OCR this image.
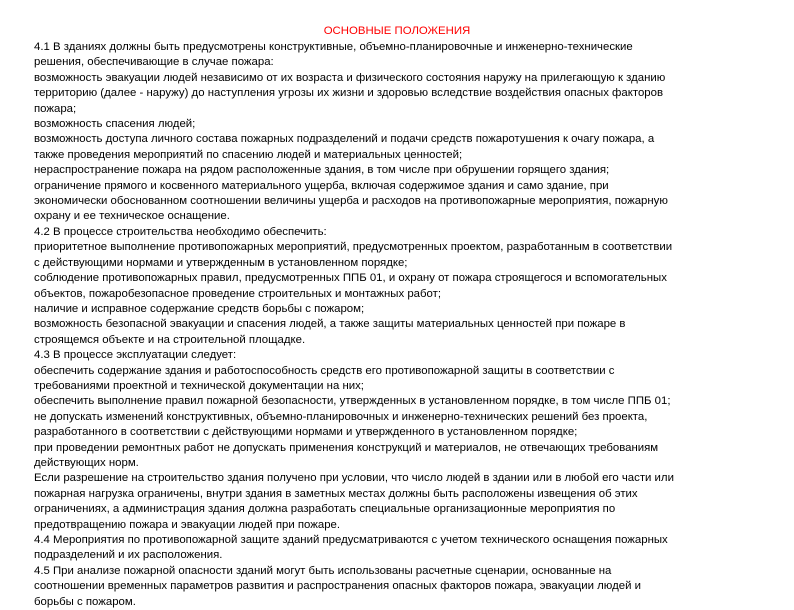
ОСНОВНЫЕ ПОЛОЖЕНИЯ
4.1 В зданиях должны быть предусмотрены конструктивные, объемно-планировочные и инженерно-технические
решения, обеспечивающие в случае пожара:
возможность эвакуации людей независимо от их возраста и физического состояния наружу на прилегающую к зданию
территорию (далее - наружу) до наступления угрозы их жизни и здоровью вследствие воздействия опасных факторов
пожара;
возможность спасения людей;
возможность доступа личного состава пожарных подразделений и подачи средств пожаротушения к очагу пожара, а
также проведения мероприятий по спасению людей и материальных ценностей;
нераспространение пожара на рядом расположенные здания, в том числе при обрушении горящего здания;
ограничение прямого и косвенного материального ущерба, включая содержимое здания и само здание, при
экономически обоснованном соотношении величины ущерба и расходов на противопожарные мероприятия, пожарную
охрану и ее техническое оснащение.
4.2 В процессе строительства необходимо обеспечить:
приоритетное выполнение противопожарных мероприятий, предусмотренных проектом, разработанным в соответствии
с действующими нормами и утвержденным в установленном порядке;
соблюдение противопожарных правил, предусмотренных ППБ 01, и охрану от пожара строящегося и вспомогательных
объектов, пожаробезопасное проведение строительных и монтажных работ;
наличие и исправное содержание средств борьбы с пожаром;
возможность безопасной эвакуации и спасения людей, а также защиты материальных ценностей при пожаре в
строящемся объекте и на строительной площадке.
4.3 В процессе эксплуатации следует:
обеспечить содержание здания и работоспособность средств его противопожарной защиты в соответствии с
требованиями проектной и технической документации на них;
обеспечить выполнение правил пожарной безопасности, утвержденных в установленном порядке, в том числе ППБ 01;
не допускать изменений конструктивных, объемно-планировочных и инженерно-технических решений без проекта,
разработанного в соответствии с действующими нормами и утвержденного в установленном порядке;
при проведении ремонтных работ не допускать применения конструкций и материалов, не отвечающих требованиям
действующих норм.
Если разрешение на строительство здания получено при условии, что число людей в здании или в любой его части или
пожарная нагрузка ограничены, внутри здания в заметных местах должны быть расположены извещения об этих
ограничениях, а администрация здания должна разработать специальные организационные мероприятия по
предотвращению пожара и эвакуации людей при пожаре.
4.4 Мероприятия по противопожарной защите зданий предусматриваются с учетом технического оснащения пожарных
подразделений и их расположения.
4.5 При анализе пожарной опасности зданий могут быть использованы расчетные сценарии, основанные на
соотношении временных параметров развития и распространения опасных факторов пожара, эвакуации людей и
борьбы с пожаром.
